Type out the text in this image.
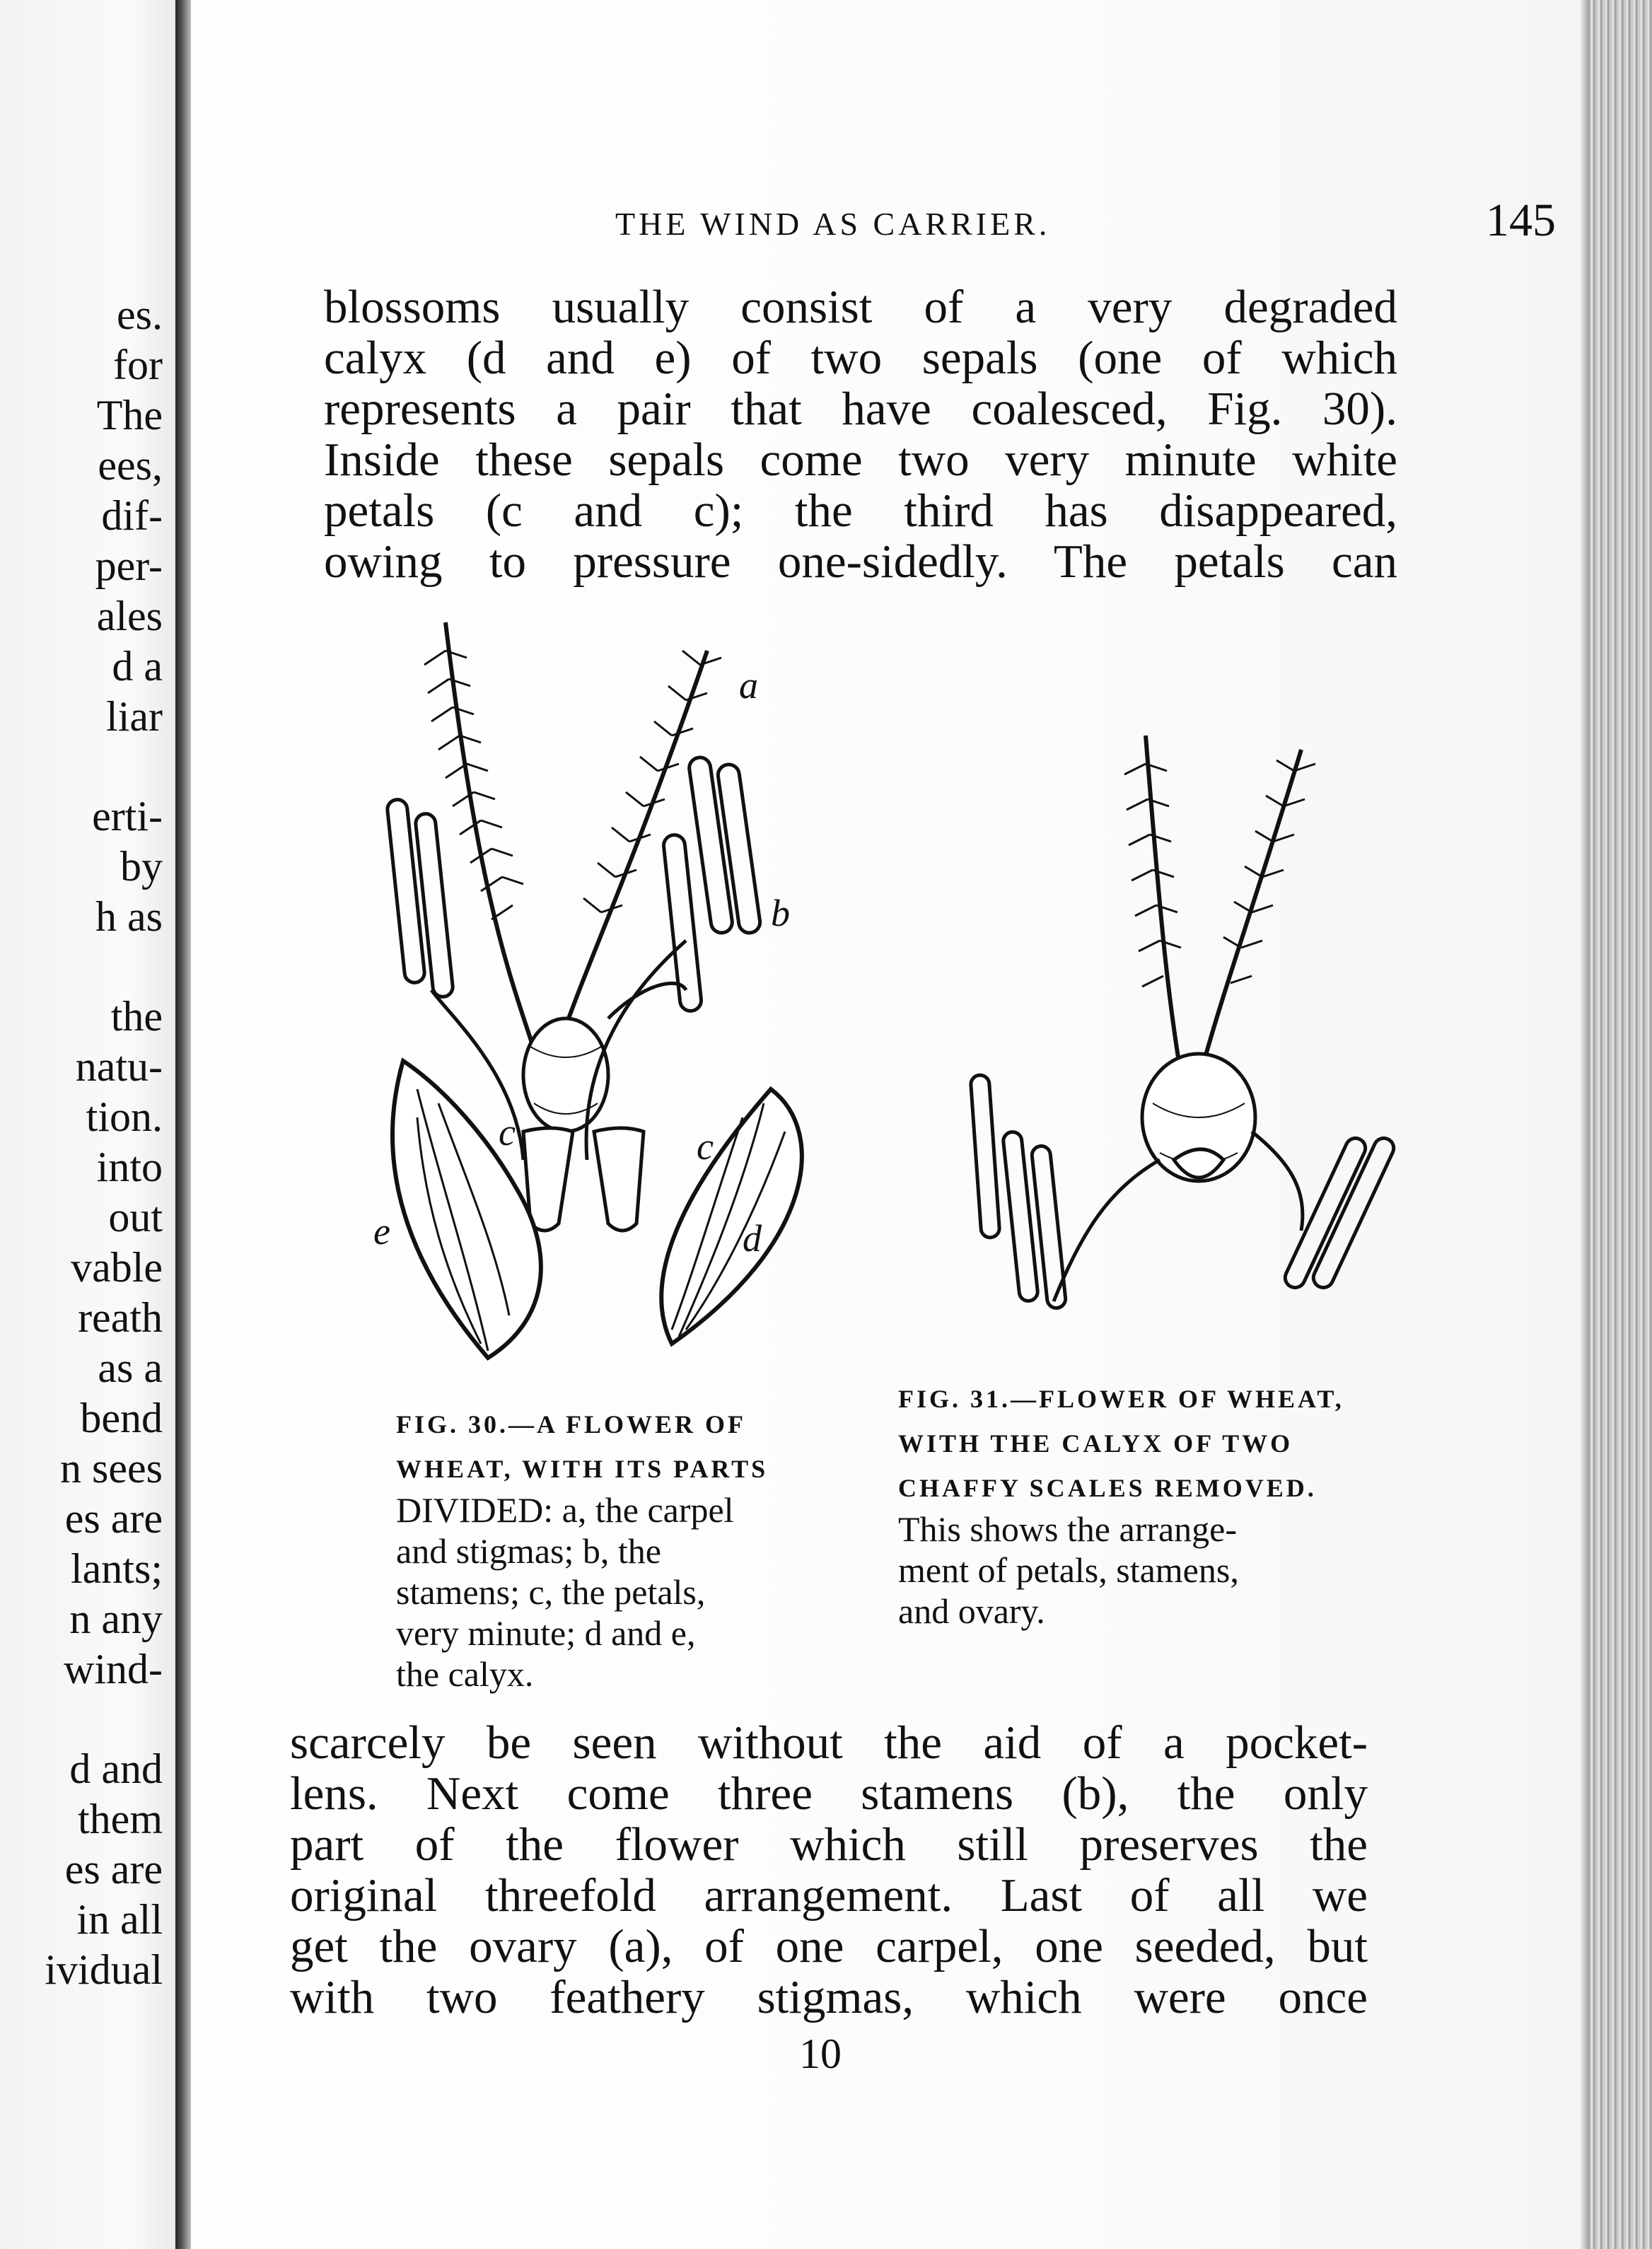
es.
for
The
ees,
dif-
per-
ales
d a
liar
erti-
by
h as
the
natu-
tion.
into
out
vable
reath
as a
bend
n sees
es are
lants;
n any
wind-
d and
them
es are
in all
ividual
THE WIND AS CARRIER.	145

blossoms usually consist of a very degraded

calyx (d and e) of two sepals (one of which

represents a pair that have coalesced, Fig. 30).

Inside these sepals come two very minute white

petals (c and c); the third has disappeared,

owing to pressure one-sidedly. The petals can

a
b
c	c
d
e
FIG. 30.—A FLOWER OF
WHEAT, WITH ITS PARTS
DIVIDED: a, the carpel
and stigmas; b, the
stamens; c, the petals,
very minute; d and e,
the calyx.
FIG. 31.—FLOWER OF WHEAT,
WITH THE CALYX OF TWO
CHAFFY SCALES REMOVED.
This shows the arrange-
ment of petals, stamens,
and ovary.

scarcely be seen without the aid of a pocket-

lens. Next come three stamens (b), the only

part of the flower which still preserves the

original threefold arrangement. Last of all we

get the ovary (a), of one carpel, one seeded, but

with two feathery stigmas, which were once

10
